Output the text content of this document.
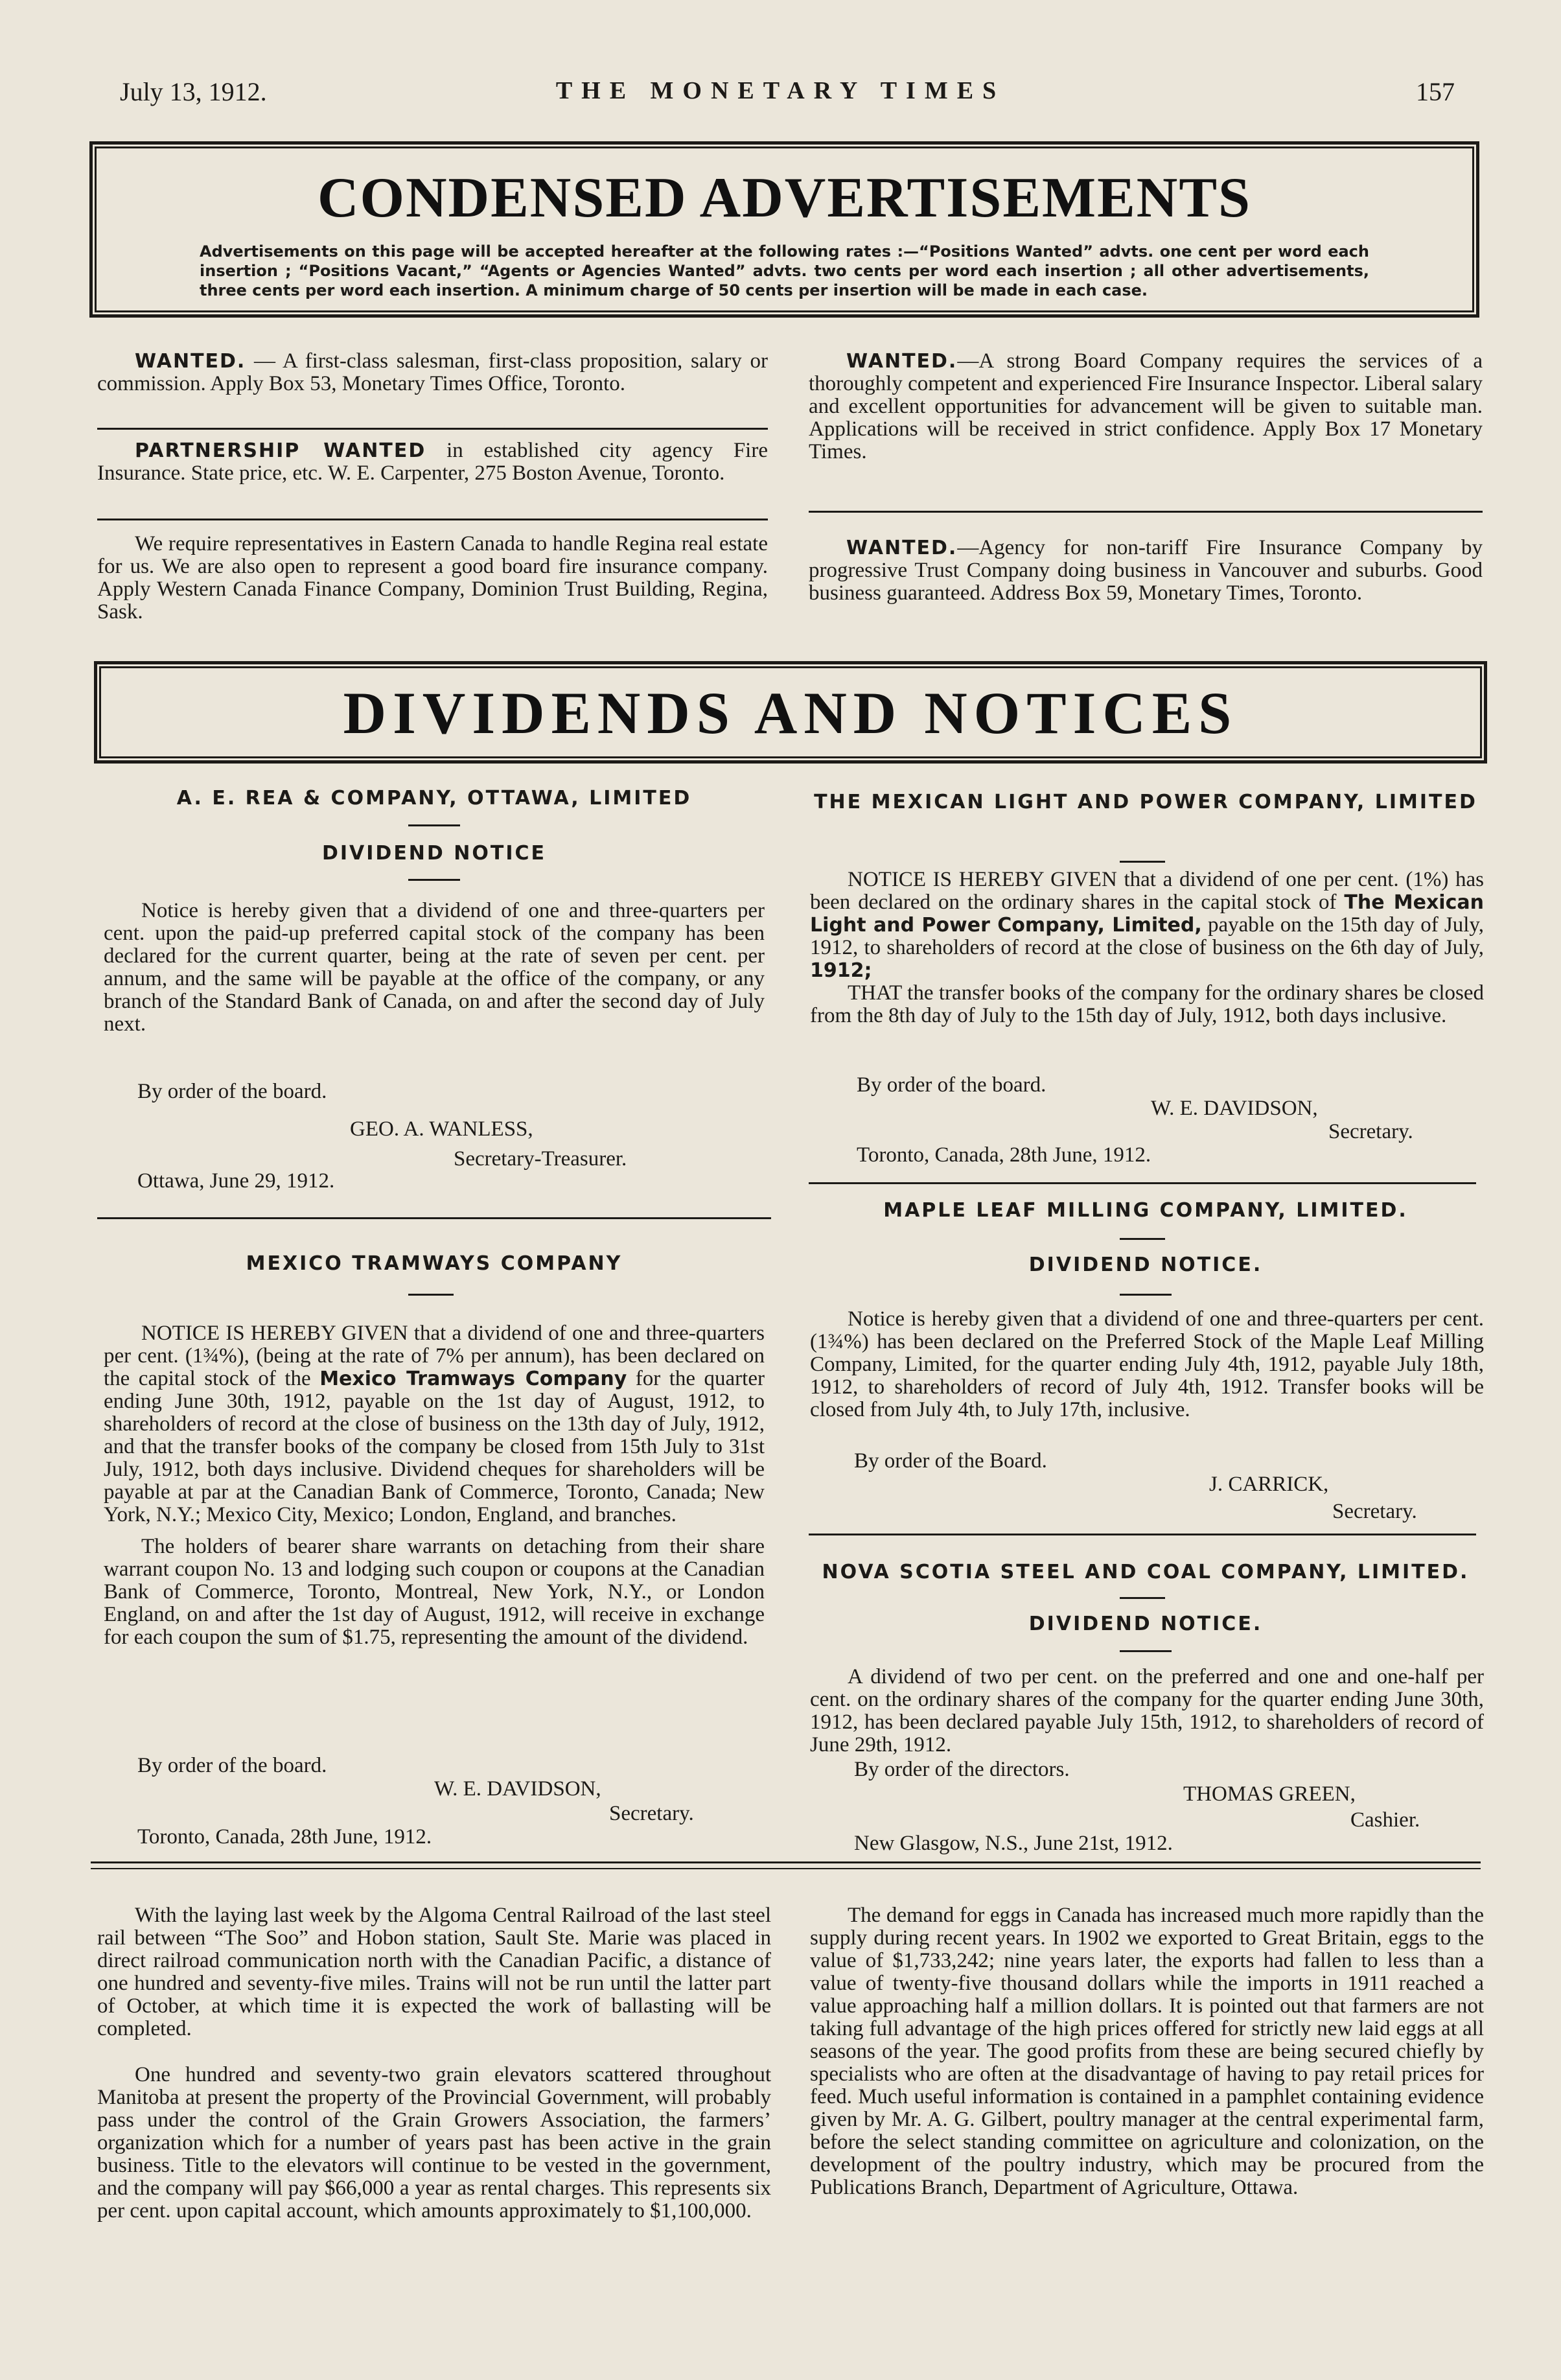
July 13, 1912.	THE MONETARY TIMES	157
CONDENSED ADVERTISEMENTS
Advertisements on this page will be accepted hereafter at the following rates :—“Positions Wanted” advts. one cent per word each insertion ; “Positions Vacant,” “Agents or Agencies Wanted” advts. two cents per word each insertion ; all other advertisements, three cents per word each insertion. A minimum charge of 50 cents per insertion will be made in each case.

WANTED. — A first-class salesman, first-class proposition, salary or commission. Apply Box 53, Monetary Times Office, Toronto.

PARTNERSHIP WANTED in established city agency Fire Insurance. State price, etc. W. E. Carpenter, 275 Boston Avenue, Toronto.

We require representatives in Eastern Canada to handle Regina real estate for us. We are also open to represent a good board fire insurance company. Apply Western Canada Finance Company, Dominion Trust Building, Regina, Sask.

WANTED.—A strong Board Company requires the services of a thoroughly competent and experienced Fire Insurance Inspector. Liberal salary and excellent opportunities for advancement will be given to suitable man. Applications will be received in strict confidence. Apply Box 17 Monetary Times.

WANTED.—Agency for non-tariff Fire Insurance Company by progressive Trust Company doing business in Vancouver and suburbs. Good business guaranteed. Address Box 59, Monetary Times, Toronto.

DIVIDENDS AND NOTICES
A. E. REA & COMPANY, OTTAWA, LIMITED
DIVIDEND NOTICE

Notice is hereby given that a dividend of one and three-quarters per cent. upon the paid-up preferred capital stock of the company has been declared for the current quarter, being at the rate of seven per cent. per annum, and the same will be payable at the office of the company, or any branch of the Standard Bank of Canada, on and after the second day of July next.

By order of the board.
GEO. A. WANLESS,
Secretary-Treasurer.
Ottawa, June 29, 1912.
MEXICO TRAMWAYS COMPANY

NOTICE IS HEREBY GIVEN that a dividend of one and three-quarters per cent. (1¾%), (being at the rate of 7% per annum), has been declared on the capital stock of the Mexico Tramways Company for the quarter ending June 30th, 1912, payable on the 1st day of August, 1912, to shareholders of record at the close of business on the 13th day of July, 1912, and that the transfer books of the company be closed from 15th July to 31st July, 1912, both days inclusive. Dividend cheques for shareholders will be payable at par at the Canadian Bank of Commerce, Toronto, Canada; New York, N.Y.; Mexico City, Mexico; London, England, and branches.

The holders of bearer share warrants on detaching from their share warrant coupon No. 13 and lodging such coupon or coupons at the Canadian Bank of Commerce, Toronto, Montreal, New York, N.Y., or London England, on and after the 1st day of August, 1912, will receive in exchange for each coupon the sum of $1.75, representing the amount of the dividend.

By order of the board.
W. E. DAVIDSON,
Secretary.
Toronto, Canada, 28th June, 1912.
THE MEXICAN LIGHT AND POWER COMPANY, LIMITED

NOTICE IS HEREBY GIVEN that a dividend of one per cent. (1%) has been declared on the ordinary shares in the capital stock of The Mexican Light and Power Company, Limited, payable on the 15th day of July, 1912, to shareholders of record at the close of business on the 6th day of July, 1912;

THAT the transfer books of the company for the ordinary shares be closed from the 8th day of July to the 15th day of July, 1912, both days inclusive.

By order of the board.
W. E. DAVIDSON,
Secretary.
Toronto, Canada, 28th June, 1912.
MAPLE LEAF MILLING COMPANY, LIMITED.
DIVIDEND NOTICE.

Notice is hereby given that a dividend of one and three-quarters per cent. (1¾%) has been declared on the Preferred Stock of the Maple Leaf Milling Company, Limited, for the quarter ending July 4th, 1912, payable July 18th, 1912, to shareholders of record of July 4th, 1912. Transfer books will be closed from July 4th, to July 17th, inclusive.

By order of the Board.
J. CARRICK,
Secretary.
NOVA SCOTIA STEEL AND COAL COMPANY, LIMITED.
DIVIDEND NOTICE.

A dividend of two per cent. on the preferred and one and one-half per cent. on the ordinary shares of the company for the quarter ending June 30th, 1912, has been declared payable July 15th, 1912, to shareholders of record of June 29th, 1912.

By order of the directors.
THOMAS GREEN,
Cashier.
New Glasgow, N.S., June 21st, 1912.

With the laying last week by the Algoma Central Railroad of the last steel rail between “The Soo” and Hobon station, Sault Ste. Marie was placed in direct railroad communication north with the Canadian Pacific, a distance of one hundred and seventy-five miles. Trains will not be run until the latter part of October, at which time it is expected the work of ballasting will be completed.

One hundred and seventy-two grain elevators scattered throughout Manitoba at present the property of the Provincial Government, will probably pass under the control of the Grain Growers Association, the farmers’ organization which for a number of years past has been active in the grain business. Title to the elevators will continue to be vested in the government, and the company will pay $66,000 a year as rental charges. This represents six per cent. upon capital account, which amounts approximately to $1,100,000.

The demand for eggs in Canada has increased much more rapidly than the supply during recent years. In 1902 we exported to Great Britain, eggs to the value of $1,733,242; nine years later, the exports had fallen to less than a value of twenty-five thousand dollars while the imports in 1911 reached a value approaching half a million dollars. It is pointed out that farmers are not taking full advantage of the high prices offered for strictly new laid eggs at all seasons of the year. The good profits from these are being secured chiefly by specialists who are often at the disadvantage of having to pay retail prices for feed. Much useful information is contained in a pamphlet containing evidence given by Mr. A. G. Gilbert, poultry manager at the central experimental farm, before the select standing committee on agriculture and colonization, on the development of the poultry industry, which may be procured from the Publications Branch, Department of Agriculture, Ottawa.
